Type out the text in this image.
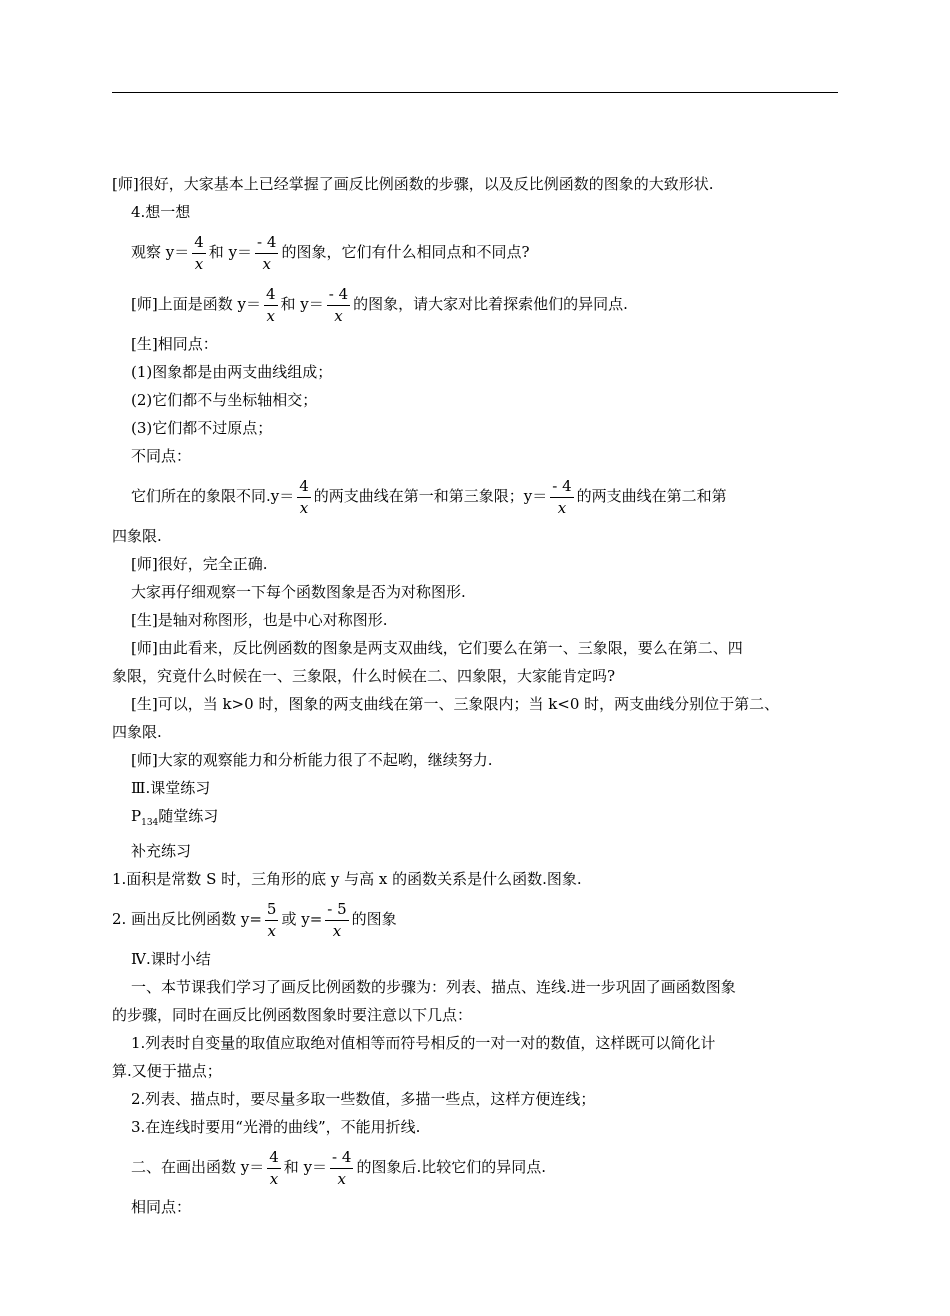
[师]很好，大家基本上已经掌握了画反比例函数的步骤，以及反比例函数的图象的大致形状.

4.想一想

观察 $y= \frac{4}{x}$ 和 $y= \frac{- 4}{x}$ 的图象，它们有什么相同点和不同点?

[师]上面是函数 $y= \frac{4}{x}$ 和 $y= \frac{- 4}{x}$ 的图象，请大家对比着探索他们的异同点.

[生]相同点：

(1)图象都是由两支曲线组成；

(2)它们都不与坐标轴相交；

(3)它们都不过原点；

不同点：

它们所在的象限不同$.y= \frac{4}{x}$ 的两支曲线在第一和第三象限；$y= \frac{- 4}{x}$ 的两支曲线在第二和第

四象限.

[师]很好，完全正确.

大家再仔细观察一下每个函数图象是否为对称图形.

[生]是轴对称图形，也是中心对称图形.

[师]由此看来，反比例函数的图象是两支双曲线，它们要么在第一、三象限，要么在第二、四

象限，究竟什么时候在一、三象限，什么时候在二、四象限，大家能肯定吗?

[生]可以，当 k>0 时，图象的两支曲线在第一、三象限内；当 k<0 时，两支曲线分别位于第二、

四象限.

[师]大家的观察能力和分析能力很了不起哟，继续努力.

Ⅲ.课堂练习

$P_{134}$随堂练习

补充练习

1.面积是常数 S 时，三角形的底 y 与高 x 的函数关系是什么函数.图象.

2. 画出反比例函数 $y= \frac{5}{x}$ 或 $y= \frac{- 5}{x}$ 的图象

Ⅳ.课时小结

一、本节课我们学习了画反比例函数的步骤为：列表、描点、连线.进一步巩固了画函数图象

的步骤，同时在画反比例函数图象时要注意以下几点：

1.列表时自变量的取值应取绝对值相等而符号相反的一对一对的数值，这样既可以简化计

算.又便于描点；

2.列表、描点时，要尽量多取一些数值，多描一些点，这样方便连线；

3.在连线时要用“光滑的曲线”，不能用折线.

二、在画出函数 $y= \frac{4}{x}$ 和 $y= \frac{- 4}{x}$ 的图象后.比较它们的异同点.

相同点：
